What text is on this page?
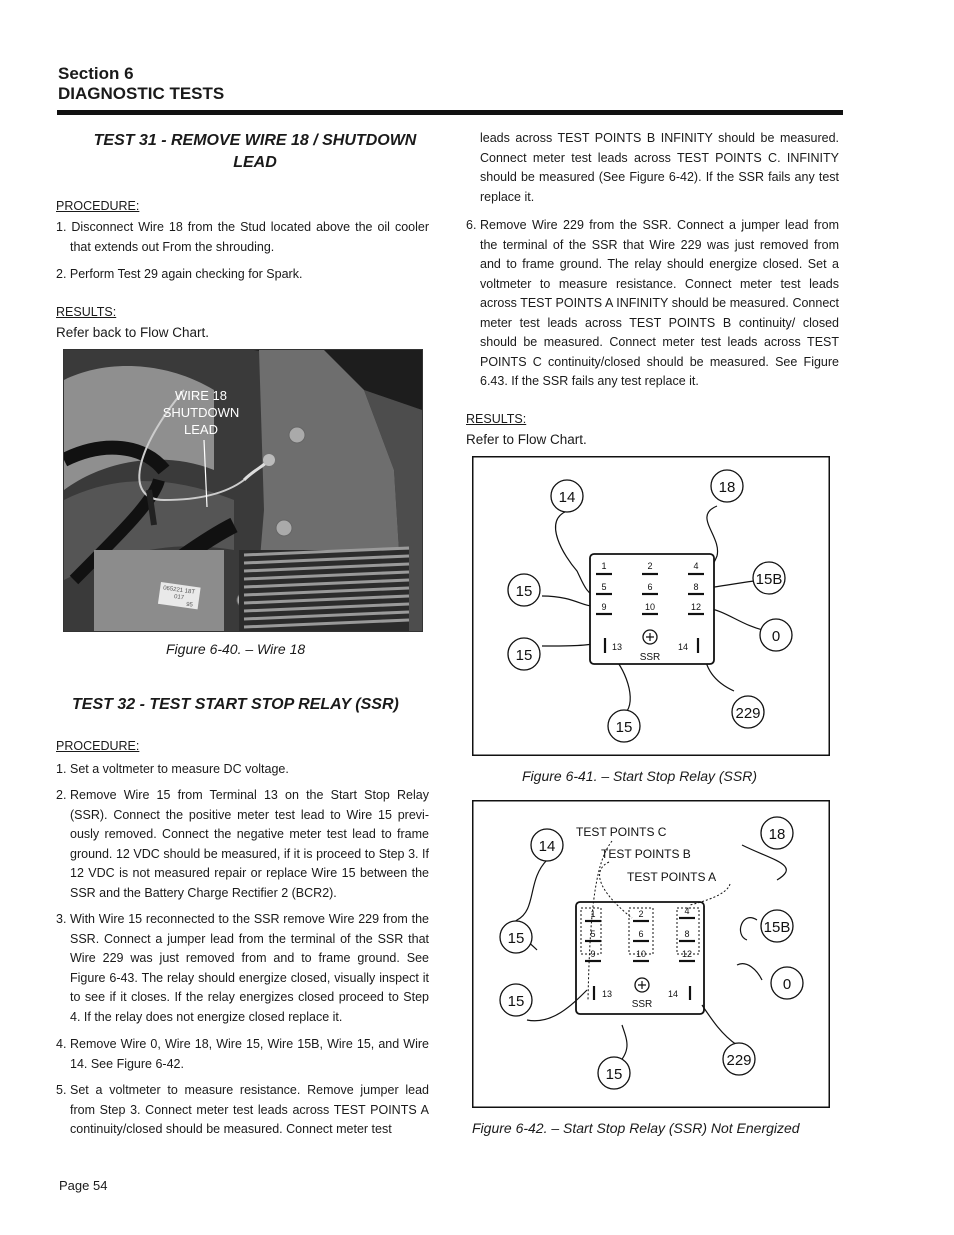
Section 6
DIAGNOSTIC TESTS
TEST 31 - REMOVE WIRE 18 / SHUTDOWN
LEAD
PROCEDURE:
1. Disconnect Wire 18 from the Stud located above the oil cooler that extends out From the shrouding.
2. Perform Test 29 again checking for Spark.
RESULTS:
Refer back to Flow Chart.
065221 18T
017
95
WIRE 18
SHUTDOWN
LEAD
Figure 6-40. – Wire 18
TEST 32 - TEST START STOP RELAY (SSR)
PROCEDURE:
1. Set a voltmeter to measure DC voltage.
2. Remove Wire 15 from Terminal 13 on the Start Stop Relay (SSR). Connect the positive meter test lead to Wire 15 previ-ously removed. Connect the negative meter test lead to frame ground. 12 VDC should be measured, if it is proceed to Step 3. If 12 VDC is not measured repair or replace Wire 15 between the SSR and the Battery Charge Rectifier 2 (BCR2).
3. With Wire 15 reconnected to the SSR remove Wire 229 from the SSR. Connect a jumper lead from the terminal of the SSR that Wire 229 was just removed from and to frame ground. See Figure 6-43. The relay should energize closed, visually inspect it to see if it closes. If the relay energizes closed proceed to Step 4. If the relay does not energize closed replace it.
4. Remove Wire 0, Wire 18, Wire 15, Wire 15B, Wire 15, and Wire 14. See Figure 6-42.
5. Set a voltmeter to measure resistance. Remove jumper lead from Step 3. Connect meter test leads across TEST POINTS A continuity/closed should be measured. Connect meter test
leads across TEST POINTS B INFINITY should be measured. Connect meter test leads across TEST POINTS C. INFINITY should be measured (See Figure 6-42). If the SSR fails any test replace it.
6. Remove Wire 229 from the SSR. Connect a jumper lead from the terminal of the SSR that Wire 229 was just removed from and to frame ground. The relay should energize closed. Set a voltmeter to measure resistance. Connect meter test leads across TEST POINTS A INFINITY should be measured. Connect meter test leads across TEST POINTS B continuity/ closed should be measured. Connect meter test leads across TEST POINTS C continuity/closed should be measured. See Figure 6.43. If the SSR fails any test replace it.
RESULTS:
Refer to Flow Chart.
1	2	4
5	6	8
9	10	12
13	14
SSR
14
18
15
15B
15
0
229
15
Figure 6-41. – Start Stop Relay (SSR)
TEST POINTS C
TEST POINTS B
TEST POINTS A
1	2	4
5	6	8
9	10	12
13	14
SSR
14
18
15
15B
0
15
229
15
Figure 6-42. – Start Stop Relay (SSR) Not Energized
Page 54
